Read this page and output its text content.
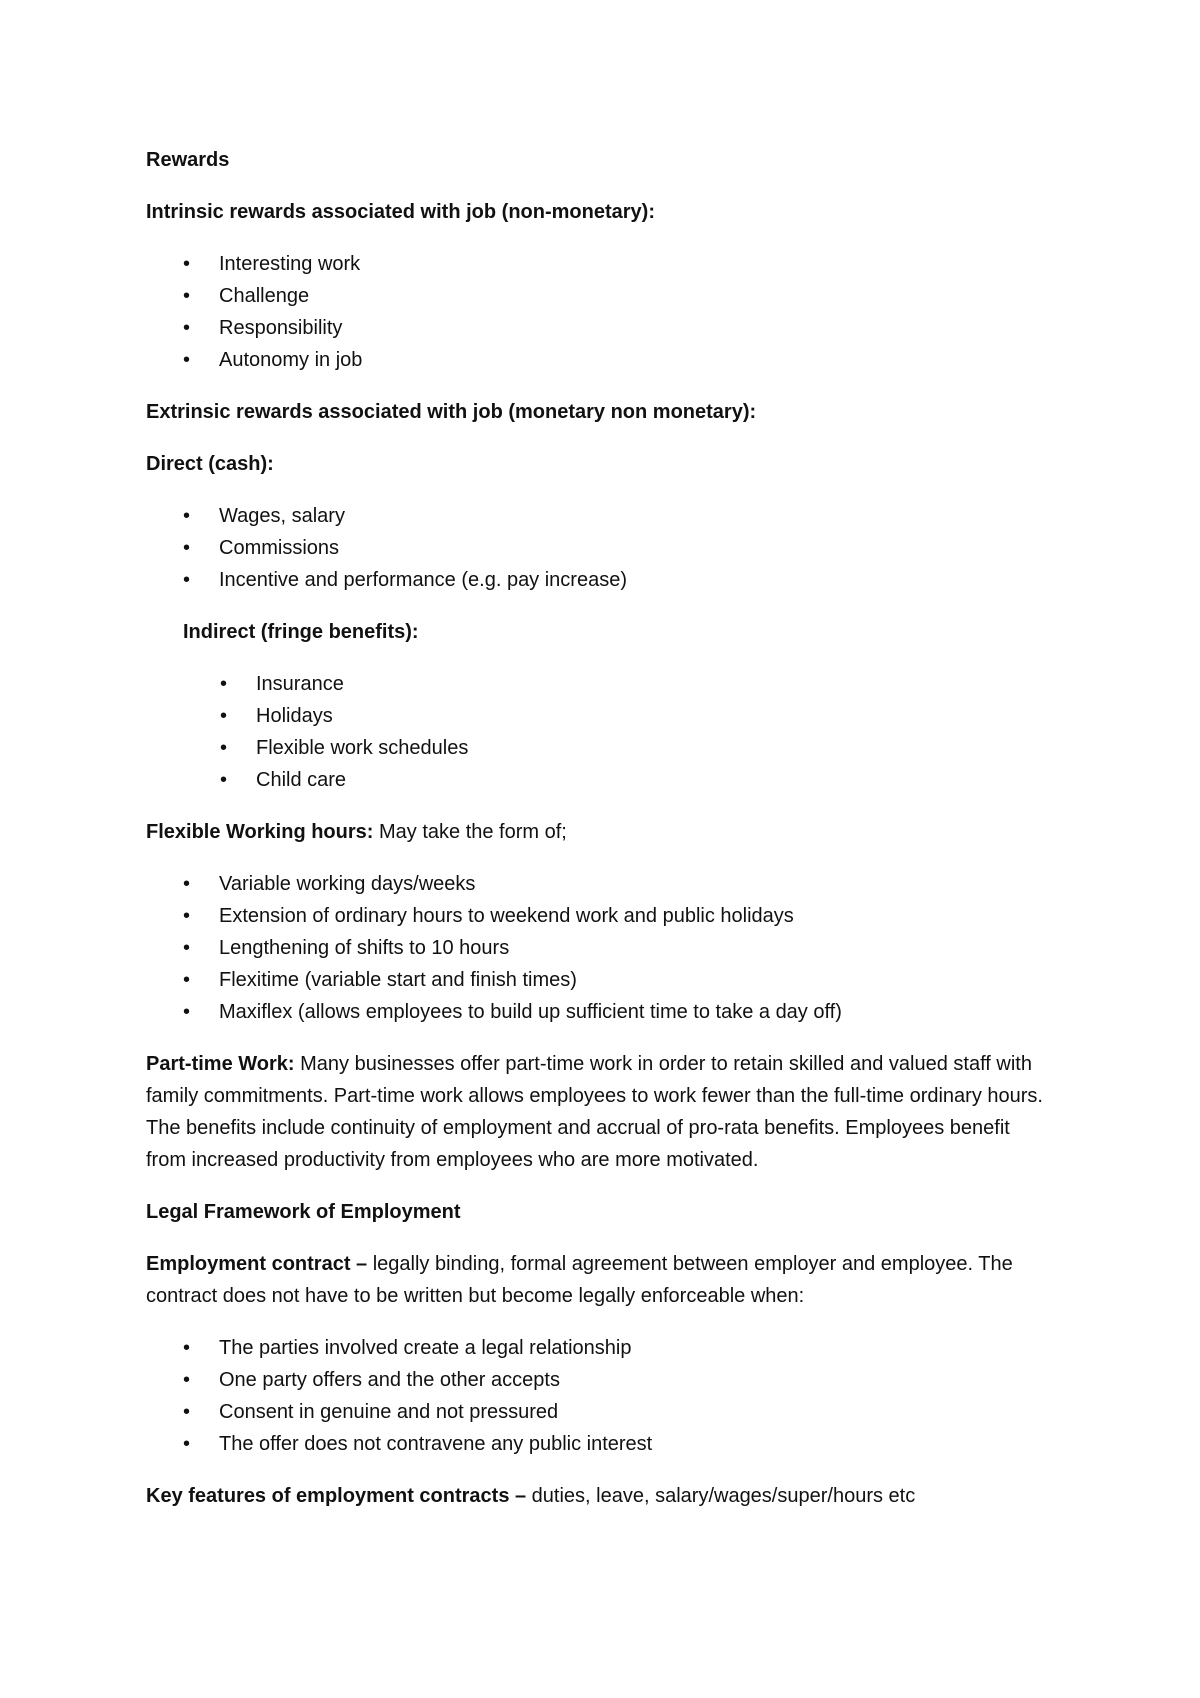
Rewards

Intrinsic rewards associated with job (non-monetary):

• Interesting work
• Challenge
• Responsibility
• Autonomy in job

Extrinsic rewards associated with job (monetary non monetary):

Direct (cash):

• Wages, salary
• Commissions
• Incentive and performance (e.g. pay increase)

Indirect (fringe benefits):

• Insurance
• Holidays
• Flexible work schedules
• Child care

Flexible Working hours: May take the form of;

• Variable working days/weeks
• Extension of ordinary hours to weekend work and public holidays
• Lengthening of shifts to 10 hours
• Flexitime (variable start and finish times)
• Maxiflex (allows employees to build up sufficient time to take a day off)

Part-time Work: Many businesses offer part-time work in order to retain skilled and valued staff with family commitments. Part-time work allows employees to work fewer than the full-time ordinary hours. The benefits include continuity of employment and accrual of pro-rata benefits. Employees benefit from increased productivity from employees who are more motivated.

Legal Framework of Employment

Employment contract – legally binding, formal agreement between employer and employee. The contract does not have to be written but become legally enforceable when:

• The parties involved create a legal relationship
• One party offers and the other accepts
• Consent in genuine and not pressured
• The offer does not contravene any public interest

Key features of employment contracts – duties, leave, salary/wages/super/hours etc
